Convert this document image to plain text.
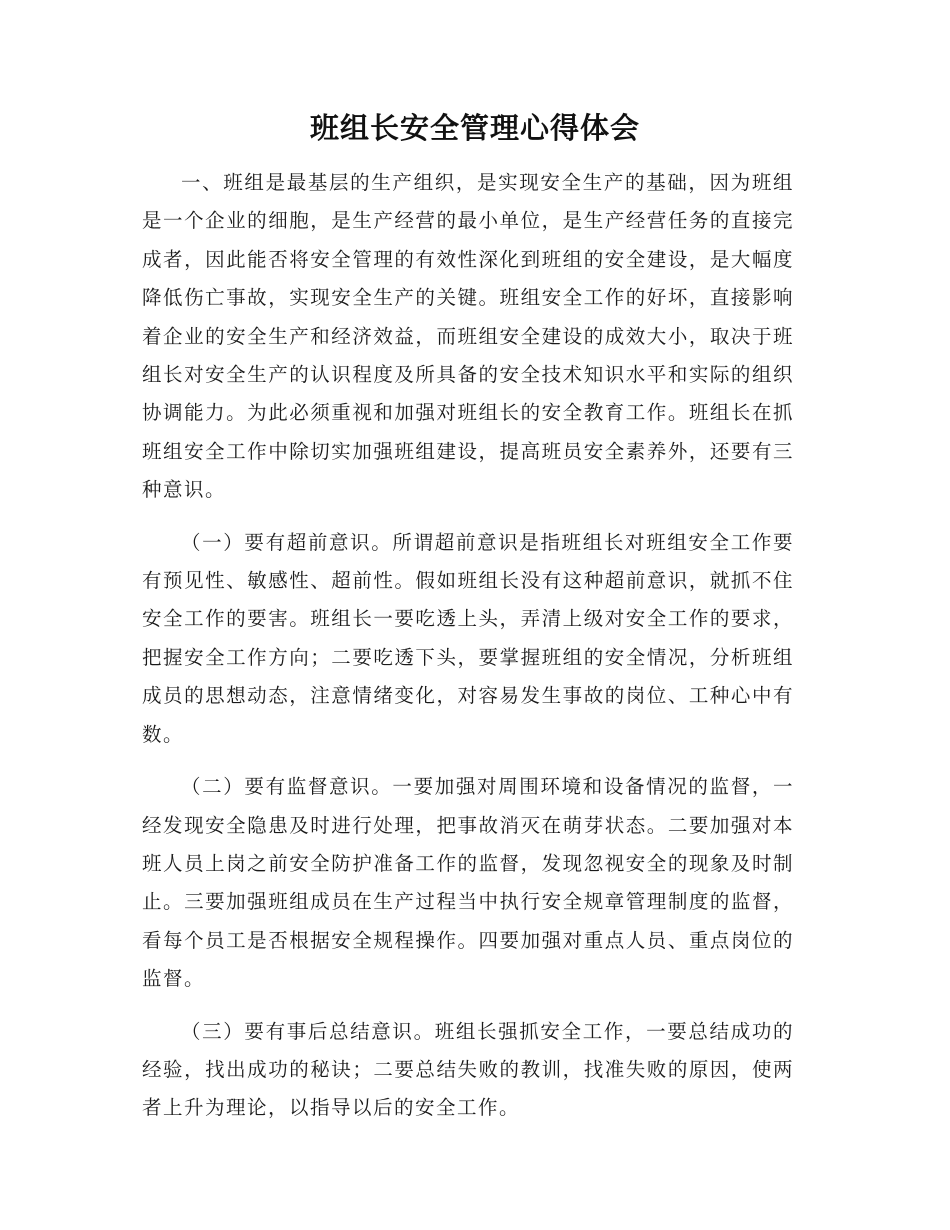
班组长安全管理心得体会

一、班组是最基层的生产组织，是实现安全生产的基础，因为班组是一个企业的细胞，是生产经营的最小单位，是生产经营任务的直接完成者，因此能否将安全管理的有效性深化到班组的安全建设，是大幅度降低伤亡事故，实现安全生产的关键。班组安全工作的好坏，直接影响着企业的安全生产和经济效益，而班组安全建设的成效大小，取决于班组长对安全生产的认识程度及所具备的安全技术知识水平和实际的组织协调能力。为此必须重视和加强对班组长的安全教育工作。班组长在抓班组安全工作中除切实加强班组建设，提高班员安全素养外，还要有三种意识。

（一）要有超前意识。所谓超前意识是指班组长对班组安全工作要有预见性、敏感性、超前性。假如班组长没有这种超前意识，就抓不住安全工作的要害。班组长一要吃透上头，弄清上级对安全工作的要求，把握安全工作方向；二要吃透下头，要掌握班组的安全情况，分析班组成员的思想动态，注意情绪变化，对容易发生事故的岗位、工种心中有数。

（二）要有监督意识。一要加强对周围环境和设备情况的监督，一经发现安全隐患及时进行处理，把事故消灭在萌芽状态。二要加强对本班人员上岗之前安全防护准备工作的监督，发现忽视安全的现象及时制止。三要加强班组成员在生产过程当中执行安全规章管理制度的监督，看每个员工是否根据安全规程操作。四要加强对重点人员、重点岗位的监督。

（三）要有事后总结意识。班组长强抓安全工作，一要总结成功的经验，找出成功的秘诀；二要总结失败的教训，找准失败的原因，使两者上升为理论，以指导以后的安全工作。
